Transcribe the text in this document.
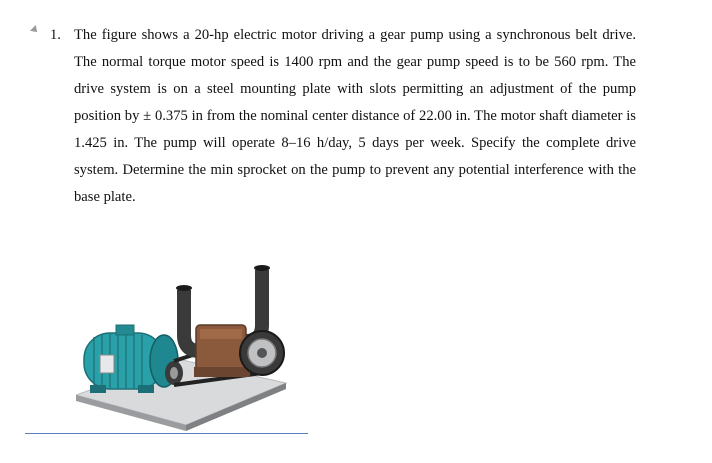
1. The figure shows a 20-hp electric motor driving a gear pump using a synchronous belt drive. The normal torque motor speed is 1400 rpm and the gear pump speed is to be 560 rpm. The drive system is on a steel mounting plate with slots permitting an adjustment of the pump position by ± 0.375 in from the nominal center distance of 22.00 in. The motor shaft diameter is 1.425 in. The pump will operate 8–16 h/day, 5 days per week. Specify the complete drive system. Determine the min sprocket on the pump to prevent any potential interference with the base plate.
